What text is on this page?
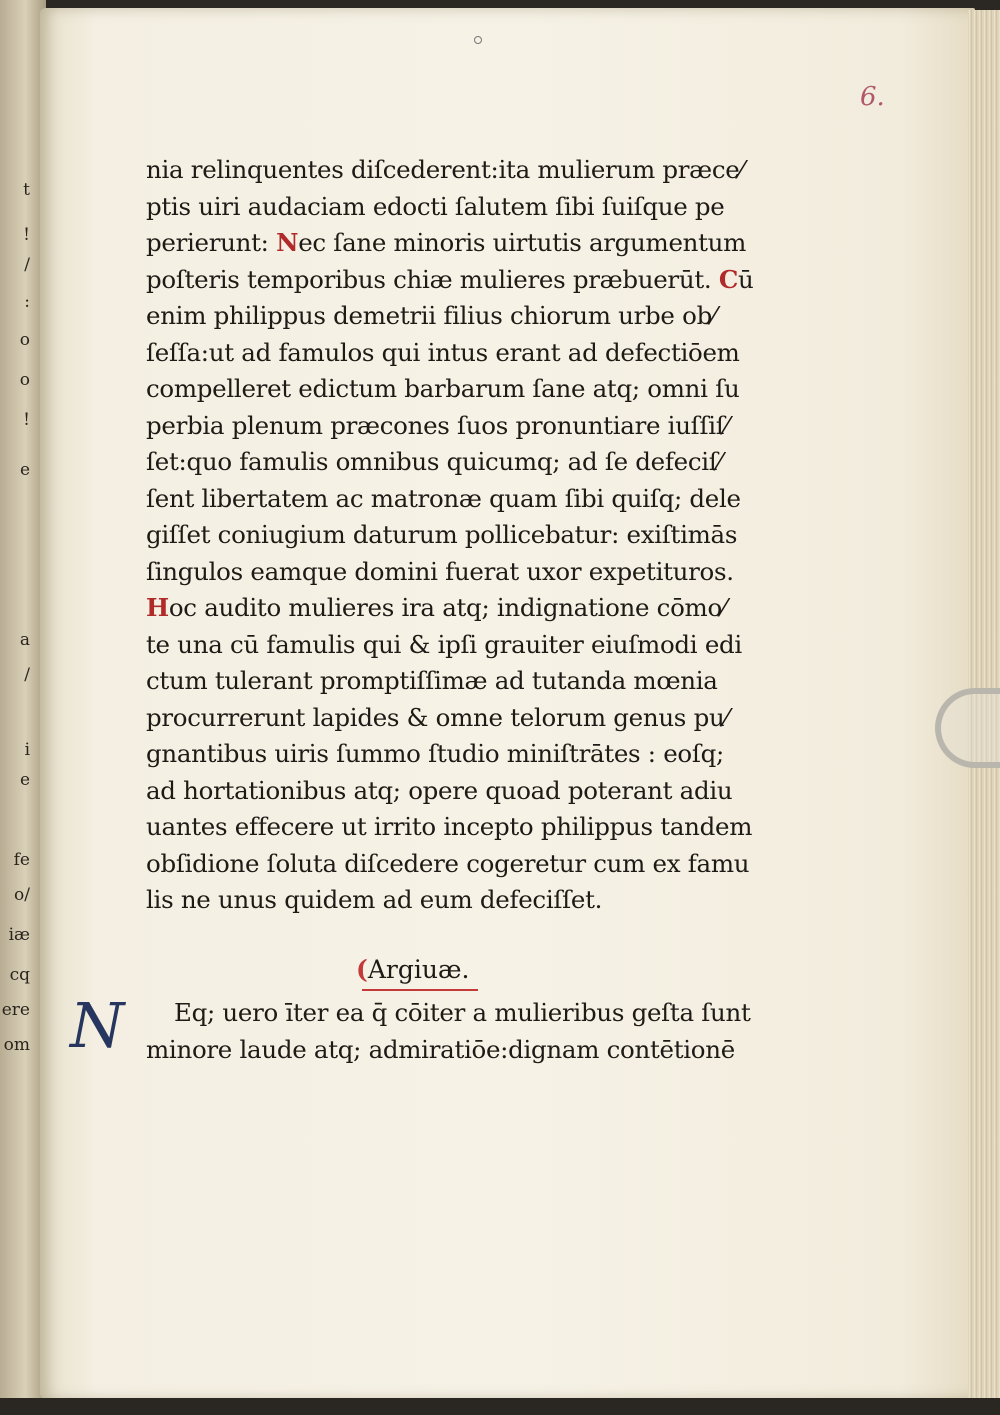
t
!
/
:
o
o
!
e
a
/
i
e
fe
o/
iæ
cq
ere
om
6.
nia relinquentes diſcederent:ita mulierum præce⁄
ptis uiri audaciam edocti ſalutem ſibi ſuiſque pe
perierunt: Nec ſane minoris uirtutis argumentum
poſteris temporibus chiæ mulieres præbuerūt. Cū
enim philippus demetrii filius chiorum urbe ob⁄
ſeſſa:ut ad famulos qui intus erant ad defectiōem
compelleret edictum barbarum ſane atq; omni ſu
perbia plenum præcones ſuos pronuntiare iuſſiſ⁄
ſet:quo famulis omnibus quicumq; ad ſe defeciſ⁄
ſent libertatem ac matronæ quam ſibi quiſq; dele
giſſet coniugium daturum pollicebatur: exiſtimās
ſingulos eamque domini fuerat uxor expetituros.
Hoc audito mulieres ira atq; indignatione cōmo⁄
te una cū famulis qui & ipſi grauiter eiuſmodi edi
ctum tulerant promptiſſimæ ad tutanda mœnia
procurrerunt lapides & omne telorum genus pu⁄
gnantibus uiris ſummo ſtudio miniſtrātes : eoſq;
ad hortationibus atq; opere quoad poterant adiu
uantes effecere ut irrito incepto philippus tandem
obſidione ſoluta diſcedere cogeretur cum ex famu
lis ne unus quidem ad eum defeciſſet.
(Argiuæ.
N	Eq; uero īter ea q̄ cōiter a mulieribus geſta ſunt
minore laude atq; admiratiōe:dignam contētionē
